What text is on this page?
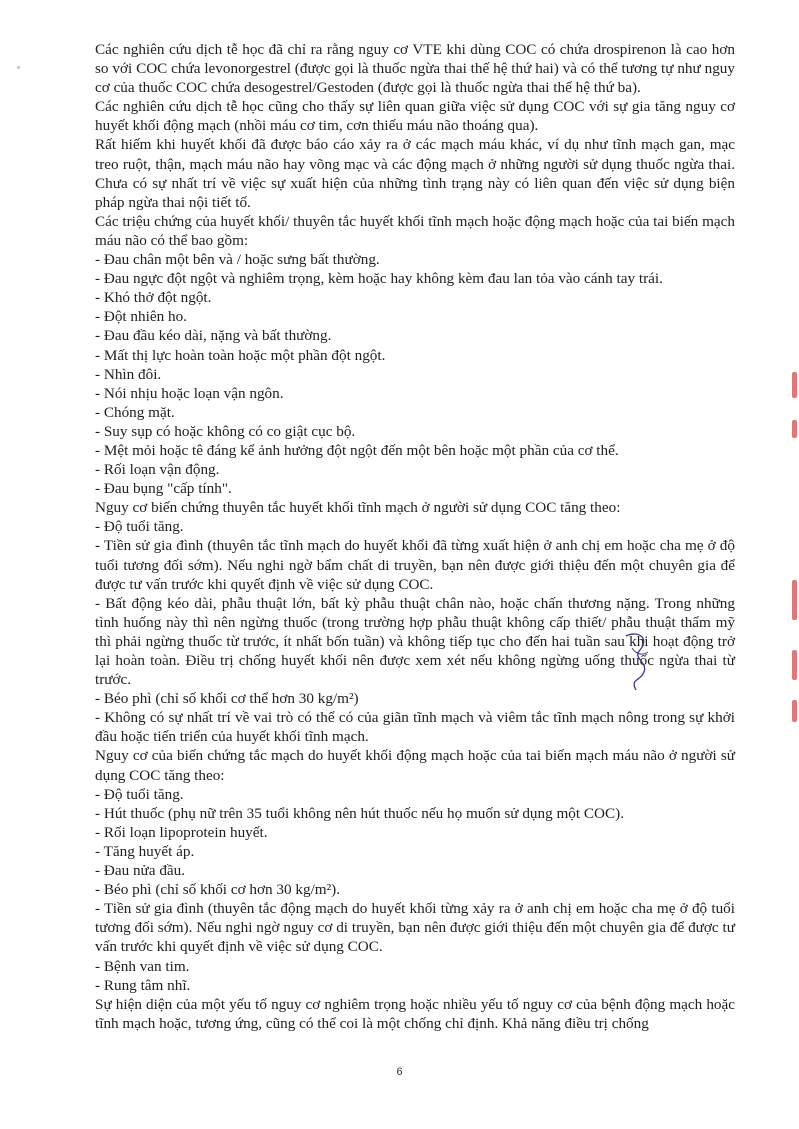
Các nghiên cứu dịch tễ học đã chỉ ra rằng nguy cơ VTE khi dùng COC có chứa drospirenon là cao hơn so với COC chứa levonorgestrel (được gọi là thuốc ngừa thai thế hệ thứ hai) và có thể tương tự như nguy cơ của thuốc COC chứa desogestrel/Gestoden (được gọi là thuốc ngừa thai thế hệ thứ ba).

Các nghiên cứu dịch tễ học cũng cho thấy sự liên quan giữa việc sử dụng COC với sự gia tăng nguy cơ huyết khối động mạch (nhồi máu cơ tim, cơn thiếu máu não thoáng qua).

Rất hiếm khi huyết khối đã được báo cáo xảy ra ở các mạch máu khác, ví dụ như tĩnh mạch gan, mạc treo ruột, thận, mạch máu não hay võng mạc và các động mạch ở những người sử dụng thuốc ngừa thai. Chưa có sự nhất trí về việc sự xuất hiện của những tình trạng này có liên quan đến việc sử dụng biện pháp ngừa thai nội tiết tố.

Các triệu chứng của huyết khối/ thuyên tắc huyết khối tĩnh mạch hoặc động mạch hoặc của tai biến mạch máu não có thể bao gồm:

- Đau chân một bên và / hoặc sưng bất thường.

- Đau ngực đột ngột và nghiêm trọng, kèm hoặc hay không kèm đau lan tỏa vào cánh tay trái.

- Khó thở đột ngột.

- Đột nhiên ho.

- Đau đầu kéo dài, nặng và bất thường.

- Mất thị lực hoàn toàn hoặc một phần đột ngột.

- Nhìn đôi.

- Nói nhịu hoặc loạn vận ngôn.

- Chóng mặt.

- Suy sụp có hoặc không có co giật cục bộ.

- Mệt mỏi hoặc tê đáng kể ảnh hưởng đột ngột đến một bên hoặc một phần của cơ thể.

- Rối loạn vận động.

- Đau bụng "cấp tính".

Nguy cơ biến chứng thuyên tắc huyết khối tĩnh mạch ở người sử dụng COC tăng theo:

- Độ tuổi tăng.

- Tiền sử gia đình (thuyên tắc tĩnh mạch do huyết khối đã từng xuất hiện ở anh chị em hoặc cha mẹ ở độ tuổi tương đối sớm). Nếu nghi ngờ bẩm chất di truyền, bạn nên được giới thiệu đến một chuyên gia để được tư vấn trước khi quyết định về việc sử dụng COC.

- Bất động kéo dài, phẫu thuật lớn, bất kỳ phẫu thuật chân nào, hoặc chấn thương nặng. Trong những tình huống này thì nên ngừng thuốc (trong trường hợp phẫu thuật không cấp thiết/ phẫu thuật thẩm mỹ thì phải ngừng thuốc từ trước, ít nhất bốn tuần) và không tiếp tục cho đến hai tuần sau khi hoạt động trở lại hoàn toàn. Điều trị chống huyết khối nên được xem xét nếu không ngừng uống thuốc ngừa thai từ trước.

- Béo phì (chỉ số khối cơ thể hơn 30 kg/m²)

- Không có sự nhất trí về vai trò có thể có của giãn tĩnh mạch và viêm tắc tĩnh mạch nông trong sự khởi đầu hoặc tiến triển của huyết khối tĩnh mạch.

Nguy cơ của biến chứng tắc mạch do huyết khối động mạch hoặc của tai biến mạch máu não ở người sử dụng COC tăng theo:

- Độ tuổi tăng.

- Hút thuốc (phụ nữ trên 35 tuổi không nên hút thuốc nếu họ muốn sử dụng một COC).

- Rối loạn lipoprotein huyết.

- Tăng huyết áp.

- Đau nửa đầu.

- Béo phì (chỉ số khối cơ hơn 30 kg/m²).

- Tiền sử gia đình (thuyên tắc động mạch do huyết khối từng xảy ra ở anh chị em hoặc cha mẹ ở độ tuổi tương đối sớm). Nếu nghi ngờ nguy cơ di truyền, bạn nên được giới thiệu đến một chuyên gia để được tư vấn trước khi quyết định về việc sử dụng COC.

- Bệnh van tim.

- Rung tâm nhĩ.

Sự hiện diện của một yếu tố nguy cơ nghiêm trọng hoặc nhiều yếu tố nguy cơ của bệnh động mạch hoặc tĩnh mạch hoặc, tương ứng, cũng có thể coi là một chống chỉ định. Khả năng điều trị chống

6
